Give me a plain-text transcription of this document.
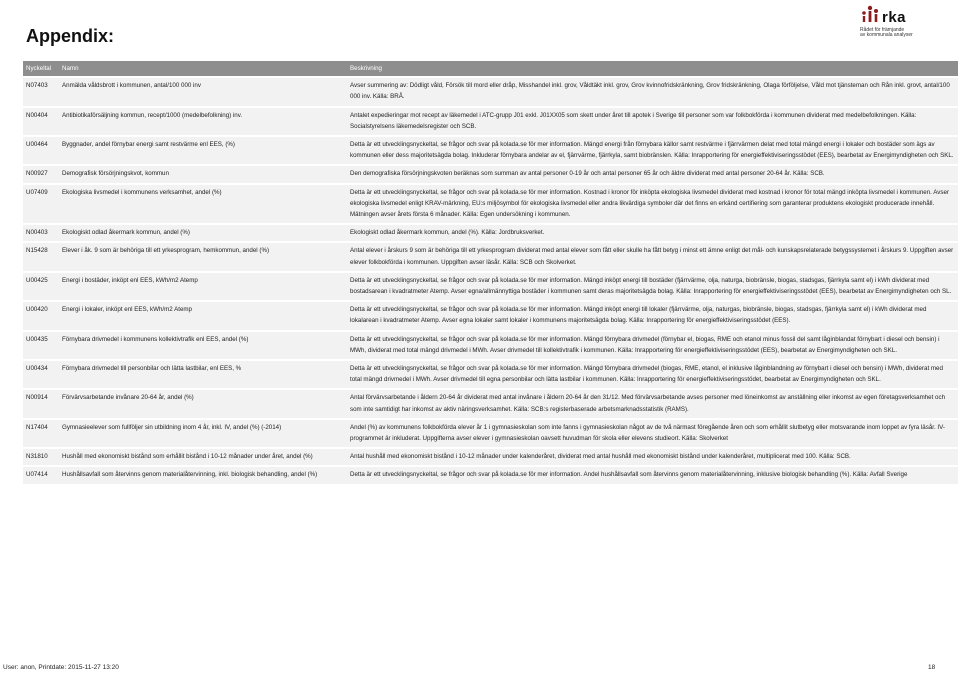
Appendix:
rka
Rådet för främjande
av kommunala analyser
Nyckeltal	Namn	Beskrivning
N07403	Anmälda våldsbrott i kommunen, antal/100 000 inv	Avser summering av: Dödligt våld, Försök till mord eller dråp, Misshandel inkl. grov, Våldtäkt inkl. grov, Grov kvinnofridskränkning, Grov fridskränkning, Olaga förföljelse, Våld mot tjänsteman och Rån inkl. grovt, antal/100 000 inv. Källa: BRÅ.
N00404	Antibiotikaförsäljning kommun, recept/1000 (medelbefolkning) inv.	Antalet expedieringar mot recept av läkemedel i ATC-grupp J01 exkl. J01XX05 som skett under året till apotek i Sverige till personer som var folkbokförda i kommunen dividerat med medelbefolkningen. Källa: Socialstyrelsens läkemedelsregister och SCB.
U00464	Byggnader, andel förnybar energi samt restvärme enl EES, (%)	Detta är ett utvecklingsnyckeltal, se frågor och svar på kolada.se för mer information. Mängd energi från förnybara källor samt restvärme i fjärrvärmen delat med total mängd energi i lokaler och bostäder som ägs av kommunen eller dess majoritetsägda bolag. Inkluderar förnybara andelar av el, fjärrvärme, fjärrkyla, samt biobränslen. Källa: Inrapportering för energieffektiviseringsstödet (EES), bearbetat av Energimyndigheten och SKL.
N00927	Demografisk försörjningskvot, kommun	Den demografiska försörjningskvoten beräknas som summan av antal personer 0-19 år och antal personer 65 år och äldre dividerat med antal personer 20-64 år. Källa: SCB.
U07409	Ekologiska livsmedel i kommunens verksamhet, andel (%)	Detta är ett utvecklingsnyckeltal, se frågor och svar på kolada.se för mer information. Kostnad i kronor för inköpta ekologiska livsmedel dividerat med kostnad i kronor för total mängd inköpta livsmedel i kommunen. Avser ekologiska livsmedel enligt KRAV-märkning, EU:s miljösymbol för ekologiska livsmedel eller andra likvärdiga symboler där det finns en erkänd certifiering som garanterar produktens ekologiskt producerade innehåll. Mätningen avser årets första 6 månader. Källa: Egen undersökning i kommunen.
N00403	Ekologiskt odlad åkermark kommun, andel (%)	Ekologiskt odlad åkermark kommun, andel (%). Källa: Jordbruksverket.
N15428	Elever i åk. 9 som är behöriga till ett yrkesprogram, hemkommun, andel (%)	Antal elever i årskurs 9 som är behöriga till ett yrkesprogram dividerat med antal elever som fått eller skulle ha fått betyg i minst ett ämne enligt det mål- och kunskapsrelaterade betygssystemet i årskurs 9. Uppgiften avser elever folkbokförda i kommunen. Uppgiften avser läsår. Källa: SCB och Skolverket.
U00425	Energi i bostäder, inköpt enl EES, kWh/m2 Atemp	Detta är ett utvecklingsnyckeltal, se frågor och svar på kolada.se för mer information. Mängd inköpt energi till bostäder (fjärrvärme, olja, naturga, biobränsle, biogas, stadsgas, fjärrkyla samt el) i kWh dividerat med bostadsarean i kvadratmeter Atemp. Avser egna/allmännyttiga bostäder i kommunen samt deras majoritetsägda bolag. Källa: Inrapportering för energieffektiviseringsstödet (EES), bearbetat av Energimyndigheten och SL.
U00420	Energi i lokaler, inköpt enl EES, kWh/m2 Atemp	Detta är ett utvecklingsnyckeltal, se frågor och svar på kolada.se för mer information. Mängd inköpt energi till lokaler (fjärrvärme, olja, naturgas, biobränsle, biogas, stadsgas, fjärrkyla samt el) i kWh dividerat med lokalarean i kvadratmeter Atemp. Avser egna lokaler samt lokaler i kommunens majoritetsägda bolag. Källa: Inrapportering för energieffektiviseringsstödet (EES).
U00435	Förnybara drivmedel i kommunens kollektivtrafik enl EES, andel (%)	Detta är ett utvecklingsnyckeltal, se frågor och svar på kolada.se för mer information. Mängd förnybara drivmedel (förnybar el, biogas, RME och etanol minus fossil del samt låginblandat förnybart i diesel och bensin) i MWh, dividerat med total mängd drivmedel i MWh. Avser drivmedel till kollektivtrafik i kommunen. Källa: Inrapportering för energieffektiviseringsstödet (EES), bearbetat av Energimyndigheten och SKL.
U00434	Förnybara drivmedel till personbilar och lätta lastbilar, enl EES, %	Detta är ett utvecklingsnyckeltal, se frågor och svar på kolada.se för mer information. Mängd förnybara drivmedel (biogas, RME, etanol, el inklusive låginblandning av förnybart i diesel och bensin) i MWh, dividerat med total mängd drivmedel i MWh. Avser drivmedel till egna personbilar och lätta lastbilar i kommunen. Källa: Inrapportering för energieffektiviseringsstödet, bearbetat av Energimyndigheten och SKL.
N00914	Förvärvsarbetande invånare 20-64 år, andel (%)	Antal förvärvsarbetande i åldern 20-64 år dividerat med antal invånare i åldern 20-64 år den 31/12. Med förvärvsarbetande avses personer med löneinkomst av anställning eller inkomst av egen företagsverksamhet och som inte samtidigt har inkomst av aktiv näringsverksamhet. Källa: SCB:s registerbaserade arbetsmarknadsstatistik (RAMS).
N17404	Gymnasieelever som fullföljer sin utbildning inom 4 år, inkl. IV, andel (%) (-2014)	Andel (%) av kommunens folkbokförda elever år 1 i gymnasieskolan som inte fanns i gymnasieskolan något av de två närmast föregående åren och som erhållit slutbetyg eller motsvarande inom loppet av fyra läsår. IV-programmet är inkluderat. Uppgifterna avser elever i gymnasieskolan oavsett huvudman för skola eller elevens studieort. Källa: Skolverket
N31810	Hushåll med ekonomiskt bistånd som erhållit bistånd i 10-12 månader under året, andel (%)	Antal hushåll med ekonomiskt bistånd i 10-12 månader under kalenderåret, dividerat med antal hushåll med ekonomiskt bistånd under kalenderåret, multiplicerat med 100. Källa: SCB.
U07414	Hushållsavfall som återvinns genom materialåtervinning, inkl. biologisk behandling, andel (%)	Detta är ett utvecklingsnyckeltal, se frågor och svar på kolada.se för mer information. Andel hushållsavfall som återvinns genom materialåtervinning, inklusive biologisk behandling (%). Källa: Avfall Sverige
User: anon, Printdate: 2015-11-27 13:20	18
